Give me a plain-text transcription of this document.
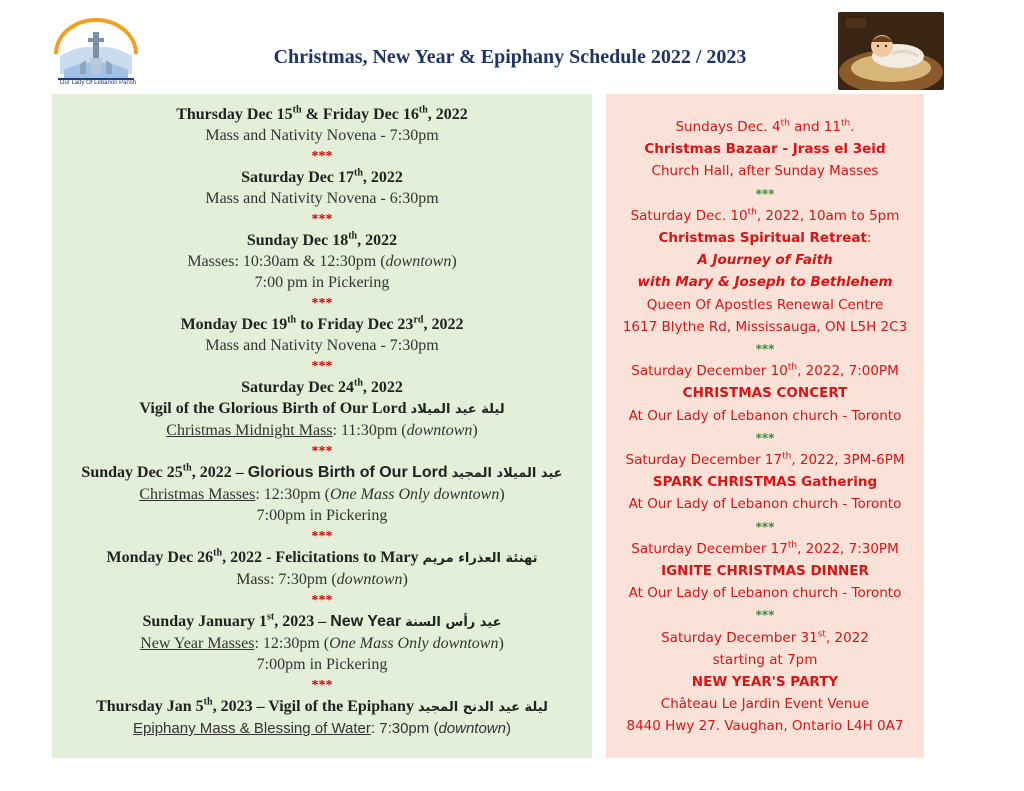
Our Lady Of Lebanon Parish
Christmas, New Year & Epiphany Schedule 2022 / 2023
Thursday Dec 15th & Friday Dec 16th, 2022
Mass and Nativity Novena - 7:30pm
***
Saturday Dec 17th, 2022
Mass and Nativity Novena - 6:30pm
***
Sunday Dec 18th, 2022
Masses: 10:30am & 12:30pm (downtown)
7:00 pm in Pickering
***
Monday Dec 19th to Friday Dec 23rd, 2022
Mass and Nativity Novena - 7:30pm
***
Saturday Dec 24th, 2022
Vigil of the Glorious Birth of Our Lord ليلة عيد الميلاد
Christmas Midnight Mass: 11:30pm (downtown)
***
Sunday Dec 25th, 2022 – Glorious Birth of Our Lord عيد الميلاد المجيد
Christmas Masses: 12:30pm (One Mass Only downtown)
7:00pm in Pickering
***
Monday Dec 26th, 2022 - Felicitations to Mary تهنئة العذراء مريم
Mass: 7:30pm (downtown)
***
Sunday January 1st, 2023 – New Year عيد رأس السنة
New Year Masses: 12:30pm (One Mass Only downtown)
7:00pm in Pickering
***
Thursday Jan 5th, 2023 – Vigil of the Epiphany ليلة عيد الدنح المجيد
Epiphany Mass & Blessing of Water: 7:30pm (downtown)
Sundays Dec. 4th and 11th.
Christmas Bazaar - Jrass el 3eid
Church Hall, after Sunday Masses
***
Saturday Dec. 10th, 2022, 10am to 5pm
Christmas Spiritual Retreat:
A Journey of Faith
with Mary & Joseph to Bethlehem
Queen Of Apostles Renewal Centre
1617 Blythe Rd, Mississauga, ON L5H 2C3
***
Saturday December 10th, 2022, 7:00PM
CHRISTMAS CONCERT
At Our Lady of Lebanon church - Toronto
***
Saturday December 17th, 2022, 3PM-6PM
SPARK CHRISTMAS Gathering
At Our Lady of Lebanon church - Toronto
***
Saturday December 17th, 2022, 7:30PM
IGNITE CHRISTMAS DINNER
At Our Lady of Lebanon church - Toronto
***
Saturday December 31st, 2022
starting at 7pm
NEW YEAR'S PARTY
Château Le Jardin Event Venue
8440 Hwy 27. Vaughan, Ontario L4H 0A7
